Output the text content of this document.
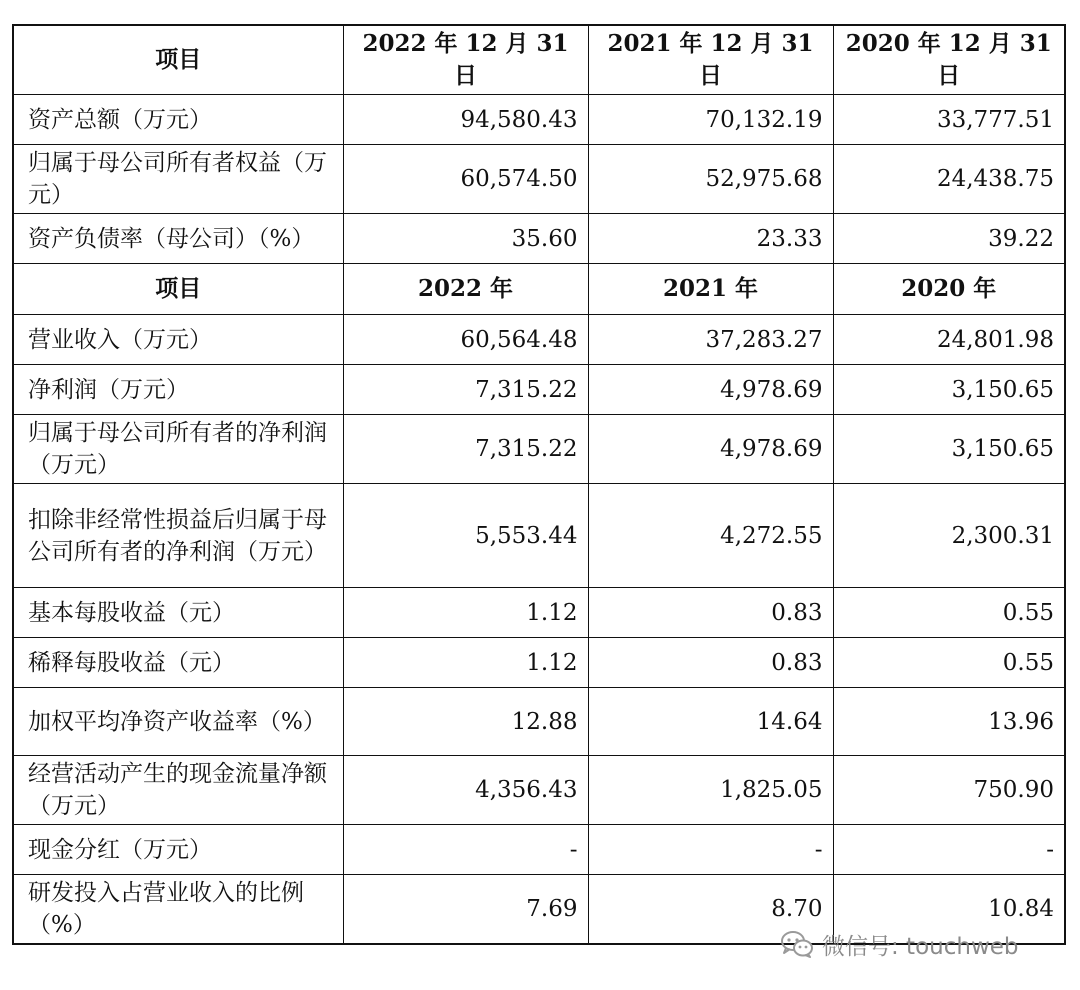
项目	2022 年 12 月 31 日	2021 年 12 月 31 日	2020 年 12 月 31 日
资产总额（万元）	94,580.43	70,132.19	33,777.51
归属于母公司所有者权益（万元）	60,574.50	52,975.68	24,438.75
资产负债率（母公司）（%）	35.60	23.33	39.22
项目	2022 年	2021 年	2020 年
营业收入（万元）	60,564.48	37,283.27	24,801.98
净利润（万元）	7,315.22	4,978.69	3,150.65
归属于母公司所有者的净利润（万元）	7,315.22	4,978.69	3,150.65
扣除非经常性损益后归属于母公司所有者的净利润（万元）	5,553.44	4,272.55	2,300.31
基本每股收益（元）	1.12	0.83	0.55
稀释每股收益（元）	1.12	0.83	0.55
加权平均净资产收益率（%）	12.88	14.64	13.96
经营活动产生的现金流量净额（万元）	4,356.43	1,825.05	750.90
现金分红（万元）	-	-	-
研发投入占营业收入的比例（%）	7.69	8.70	10.84
微信号: touchweb
